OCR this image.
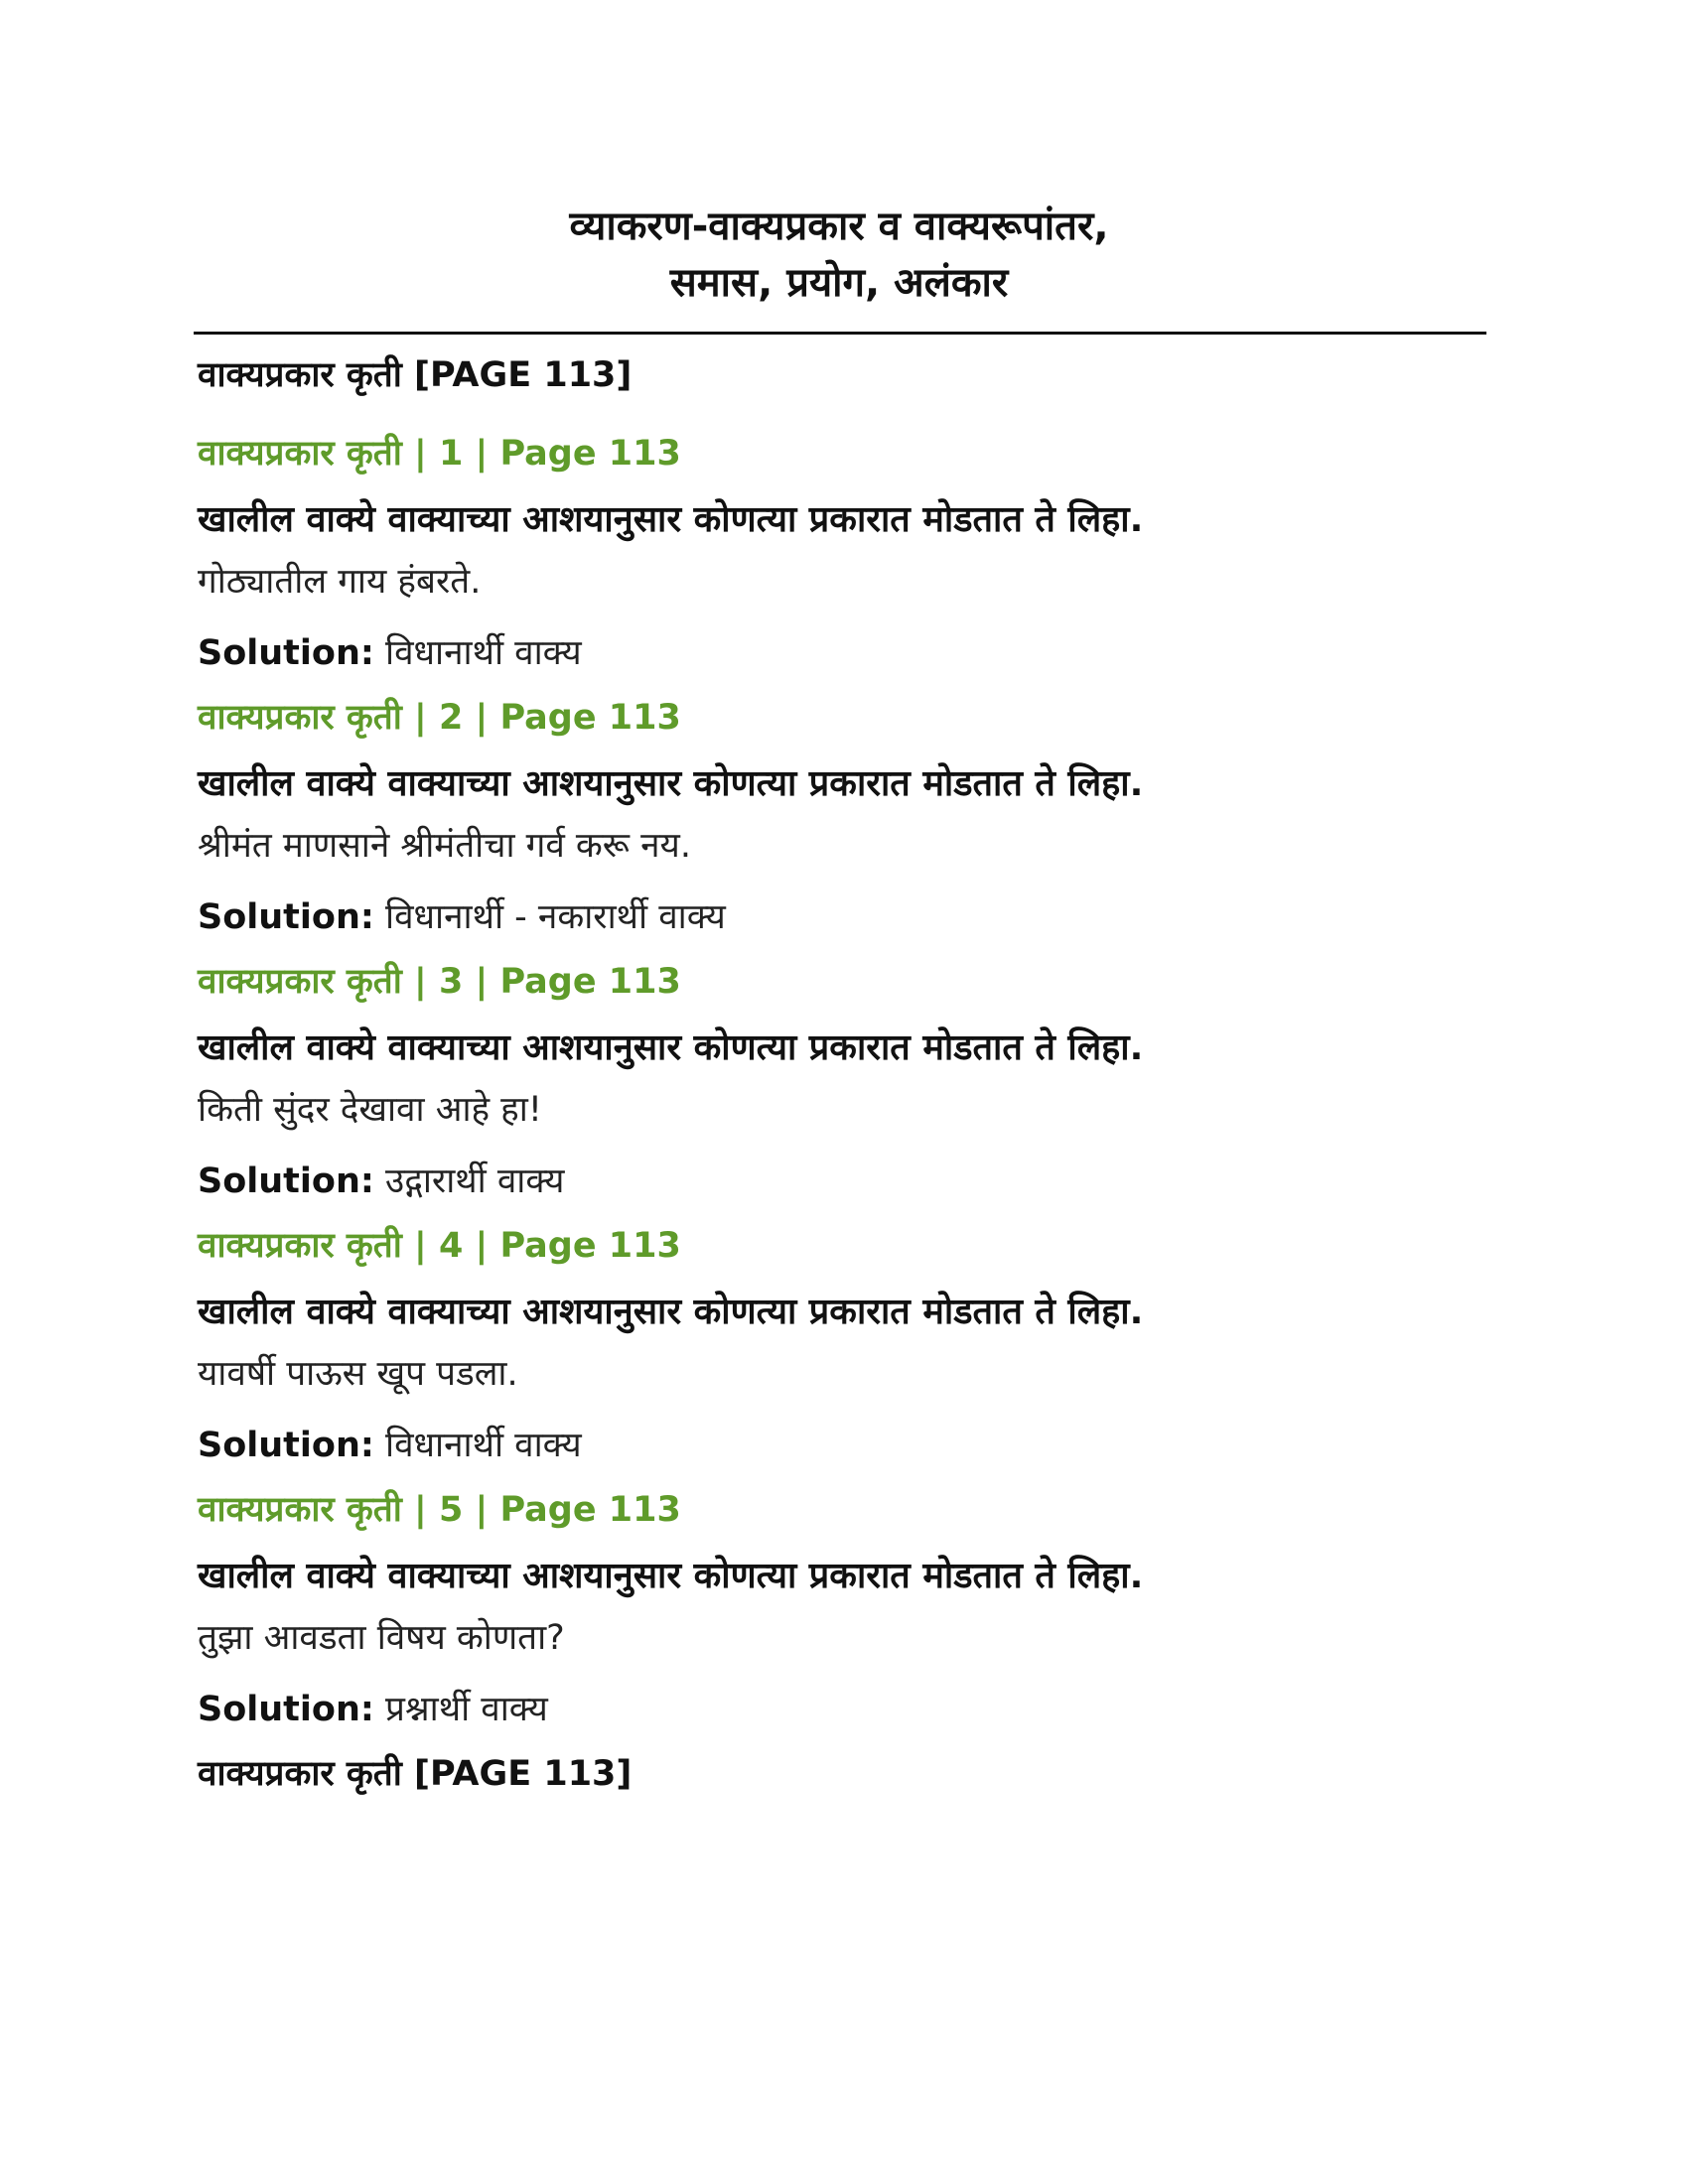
व्याकरण-वाक्यप्रकार व वाक्यरूपांतर,
समास, प्रयोग, अलंकार
वाक्यप्रकार कृती [PAGE 113]
वाक्यप्रकार कृती | 1 | Page 113
खालील वाक्ये वाक्याच्या आशयानुसार कोणत्या प्रकारात मोडतात ते लिहा.
गोठ्यातील गाय हंबरते.
Solution: विधानार्थी वाक्य
वाक्यप्रकार कृती | 2 | Page 113
खालील वाक्ये वाक्याच्या आशयानुसार कोणत्या प्रकारात मोडतात ते लिहा.
श्रीमंत माणसाने श्रीमंतीचा गर्व करू नय.
Solution: विधानार्थी - नकारार्थी वाक्य
वाक्यप्रकार कृती | 3 | Page 113
खालील वाक्ये वाक्याच्या आशयानुसार कोणत्या प्रकारात मोडतात ते लिहा.
किती सुंदर देखावा आहे हा!
Solution: उद्गारार्थी वाक्य
वाक्यप्रकार कृती | 4 | Page 113
खालील वाक्ये वाक्याच्या आशयानुसार कोणत्या प्रकारात मोडतात ते लिहा.
यावर्षी पाऊस खूप पडला.
Solution: विधानार्थी वाक्य
वाक्यप्रकार कृती | 5 | Page 113
खालील वाक्ये वाक्याच्या आशयानुसार कोणत्या प्रकारात मोडतात ते लिहा.
तुझा आवडता विषय कोणता?
Solution: प्रश्नार्थी वाक्य
वाक्यप्रकार कृती [PAGE 113]
